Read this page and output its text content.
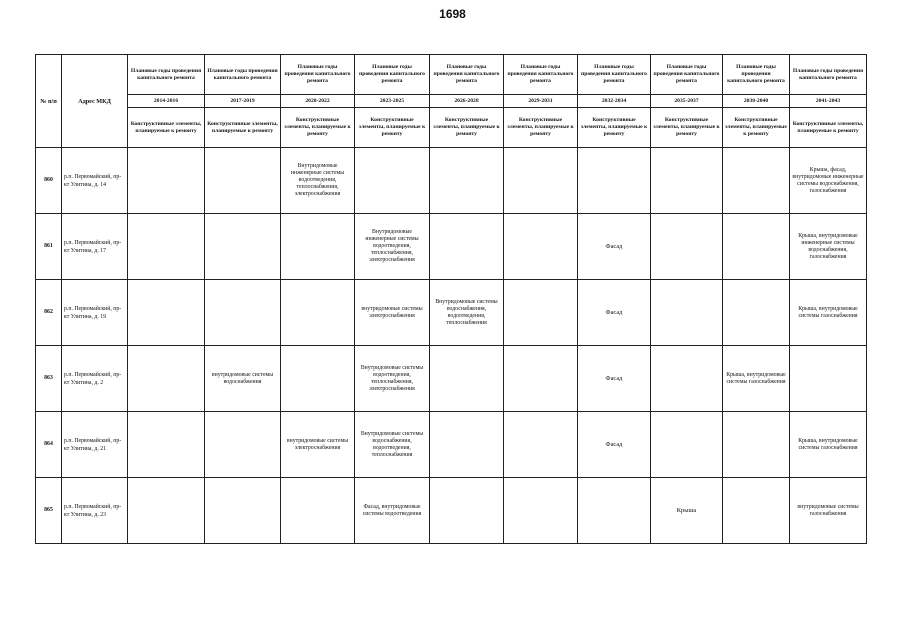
1698
№ п/п	Адрес МКД	Плановые годы проведения капитального ремонта	Плановые годы проведения капитального ремонта	Плановые годы проведения капитального ремонта	Плановые годы проведения капитального ремонта	Плановые годы проведения капитального ремонта	Плановые годы проведения капитального ремонта	Плановые годы проведения капитального ремонта	Плановые годы проведения капитального ремонта	Плановые годы проведения капитального ремонта	Плановые годы проведения капитального ремонта
		2014-2016	2017-2019	2020-2022	2023-2025	2026-2028	2029-2031	2032-2034	2035-2037	2038-2040	2041-2043
		Конструктивные элементы, планируемые к ремонту	Конструктивные элементы, планируемые к ремонту	Конструктивные элементы, планируемые к ремонту	Конструктивные элементы, планируемые к ремонту	Конструктивные элементы, планируемые к ремонту	Конструктивные элементы, планируемые к ремонту	Конструктивные элементы, планируемые к ремонту	Конструктивные элементы, планируемые к ремонту	Конструктивные элементы, планируемые к ремонту	Конструктивные элементы, планируемые к ремонту
860	р.п. Первомайский, пр-кт Улитина, д. 14			Внутридомовые инженерные системы водоотведения, теплоснабжения, электроснабжения							Крыша, фасад, внутридомовые инженерные системы водоснабжения, газоснабжения
861	р.п. Первомайский, пр-кт Улитина, д. 17				Внутридомовые инженерные системы водоотведения, теплоснабжения, электроснабжения			Фасад			Крыша, внутридомовые инженерные системы водоснабжения, газоснабжения
862	р.п. Первомайский, пр-кт Улитина, д. 19				внутридомовые системы электроснабжения	Внутридомовые системы водоснабжения, водоотведения, теплоснабжения		Фасад			Крыша, внутридомовые системы газоснабжения
863	р.п. Первомайский, пр-кт Улитина, д. 2		внутридомовые системы водоснабжения		Внутридомовые системы водоотведения, теплоснабжения, электроснабжения			Фасад		Крыша, внутридомовые системы газоснабжения	
864	р.п. Первомайский, пр-кт Улитина, д. 21			внутридомовые системы электроснабжения	Внутридомовые системы водоснабжения, водоотведения, теплоснабжения			Фасад			Крыша, внутридомовые системы газоснабжения
865	р.п. Первомайский, пр-кт Улитина, д. 23				Фасад, внутридомовые системы водоотведения				Крыша		внутридомовые системы газоснабжения
